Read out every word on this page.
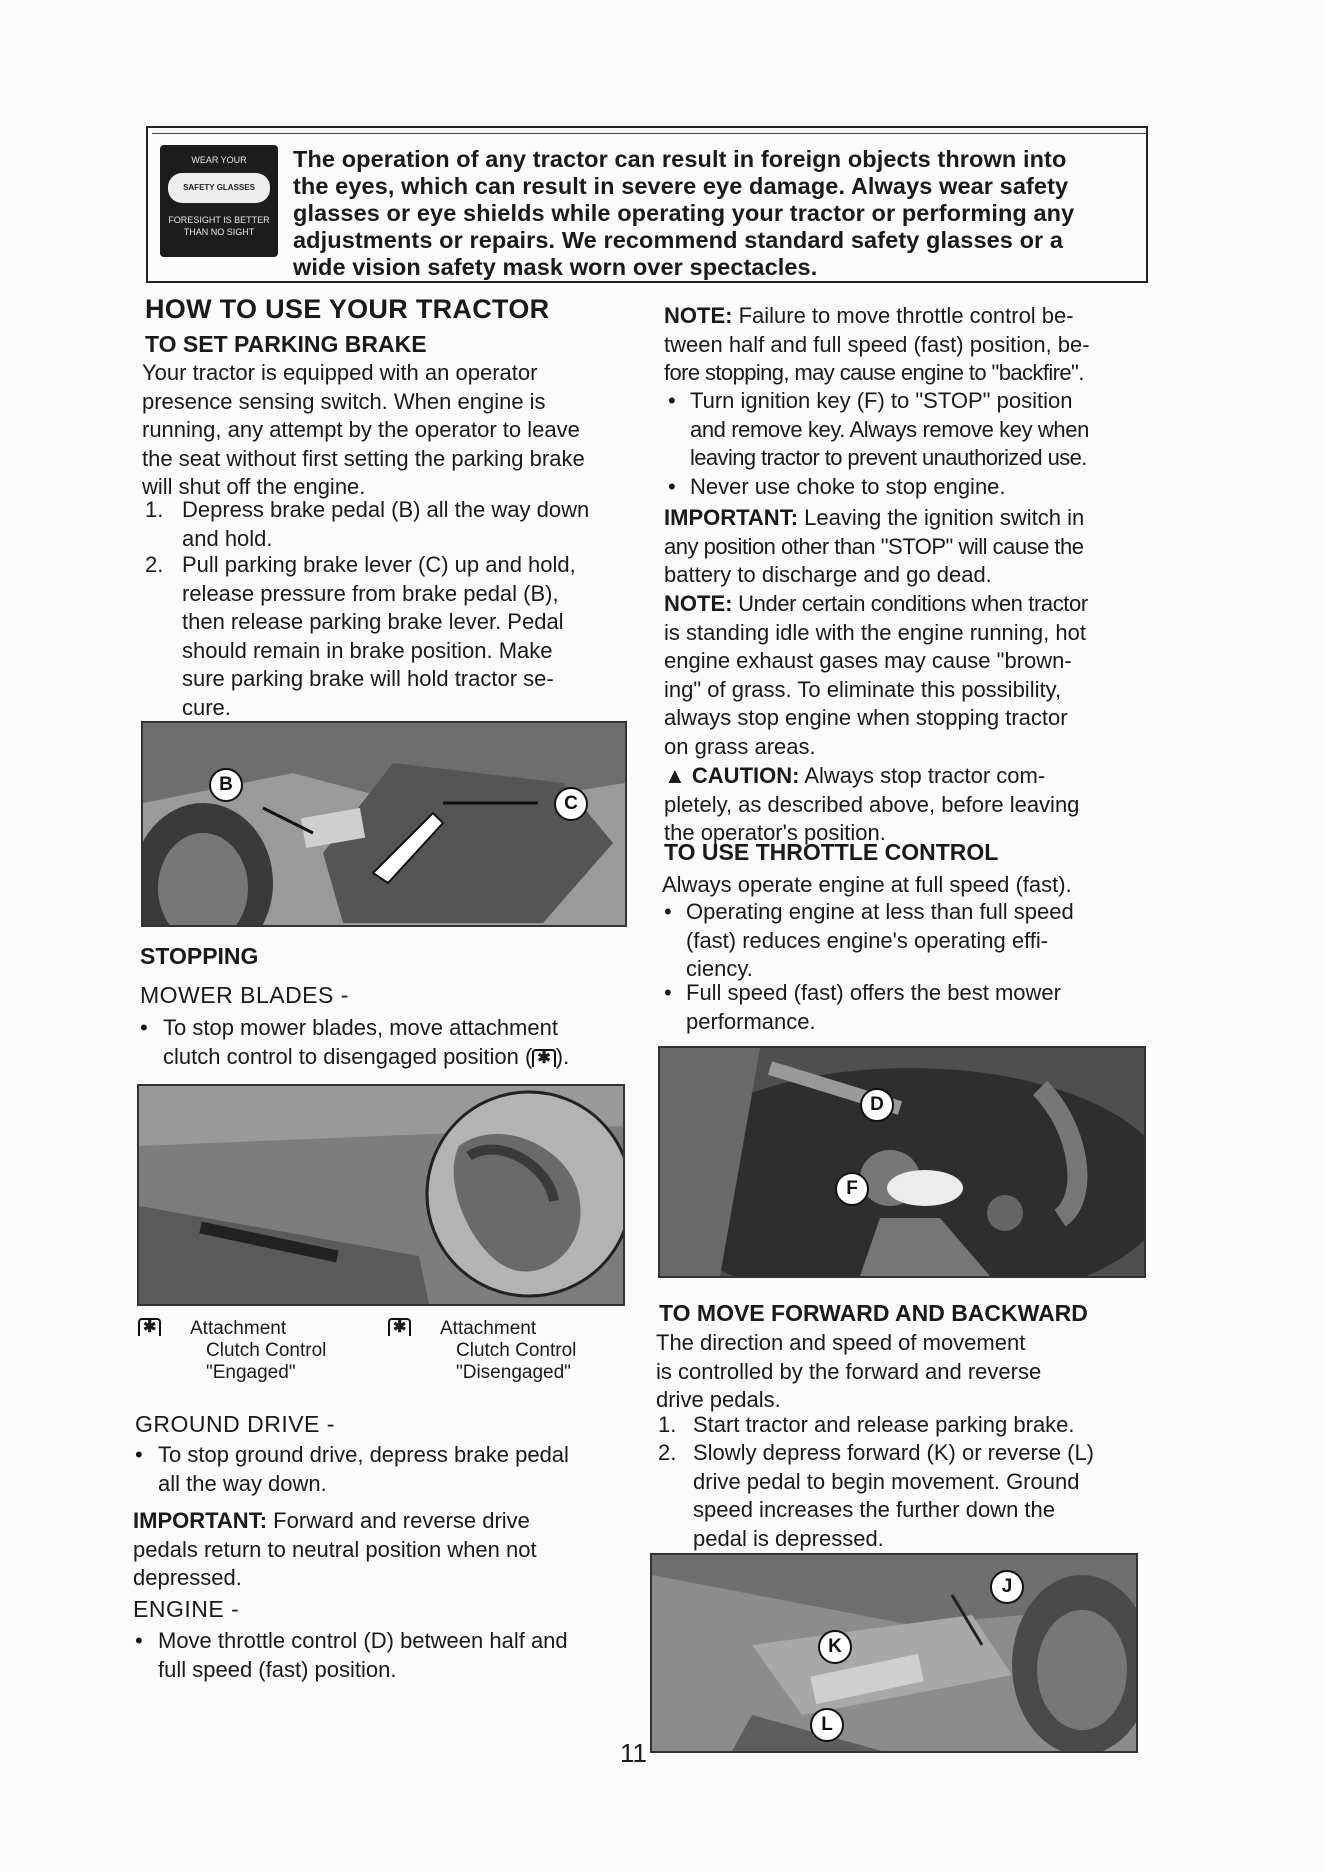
WEAR YOUR
SAFETY GLASSES
FORESIGHT IS BETTER
THAN NO SIGHT
The operation of any tractor can result in foreign objects thrown into
the eyes, which can result in severe eye damage. Always wear safety
glasses or eye shields while operating your tractor or performing any
adjustments or repairs. We recommend standard safety glasses or a
wide vision safety mask worn over spectacles.
HOW TO USE YOUR TRACTOR
TO SET PARKING BRAKE
Your tractor is equipped with an operator
presence sensing switch. When engine is
running, any attempt by the operator to leave
the seat without first setting the parking brake
will shut off the engine.
1. Depress brake pedal (B) all the way down
and hold.
2. Pull parking brake lever (C) up and hold,
release pressure from brake pedal (B),
then release parking brake lever. Pedal
should remain in brake position. Make
sure parking brake will hold tractor se-
cure.
B
C
STOPPING
MOWER BLADES -
• To stop mower blades, move attachment
clutch control to disengaged position ( ✱ ).
✱ Attachment
Clutch Control
"Engaged"
✱ Attachment
Clutch Control
"Disengaged"
GROUND DRIVE -
• To stop ground drive, depress brake pedal
all the way down.
IMPORTANT: Forward and reverse drive
pedals return to neutral position when not
depressed.
ENGINE -
• Move throttle control (D) between half and
full speed (fast) position.
NOTE: Failure to move throttle control be-
tween half and full speed (fast) position, be-
fore stopping, may cause engine to "backfire".
• Turn ignition key (F) to "STOP" position
and remove key. Always remove key when
leaving tractor to prevent unauthorized use.
• Never use choke to stop engine.
IMPORTANT: Leaving the ignition switch in
any position other than "STOP" will cause the
battery to discharge and go dead.
NOTE: Under certain conditions when tractor
is standing idle with the engine running, hot
engine exhaust gases may cause "brown-
ing" of grass. To eliminate this possibility,
always stop engine when stopping tractor
on grass areas.
▲ CAUTION: Always stop tractor com-
pletely, as described above, before leaving
the operator's position.
TO USE THROTTLE CONTROL
Always operate engine at full speed (fast).
• Operating engine at less than full speed
(fast) reduces engine's operating effi-
ciency.
• Full speed (fast) offers the best mower
performance.
D
F
TO MOVE FORWARD AND BACKWARD
The direction and speed of movement
is controlled by the forward and reverse
drive pedals.
1. Start tractor and release parking brake.
2. Slowly depress forward (K) or reverse (L)
drive pedal to begin movement. Ground
speed increases the further down the
pedal is depressed.
J
K
L
11
